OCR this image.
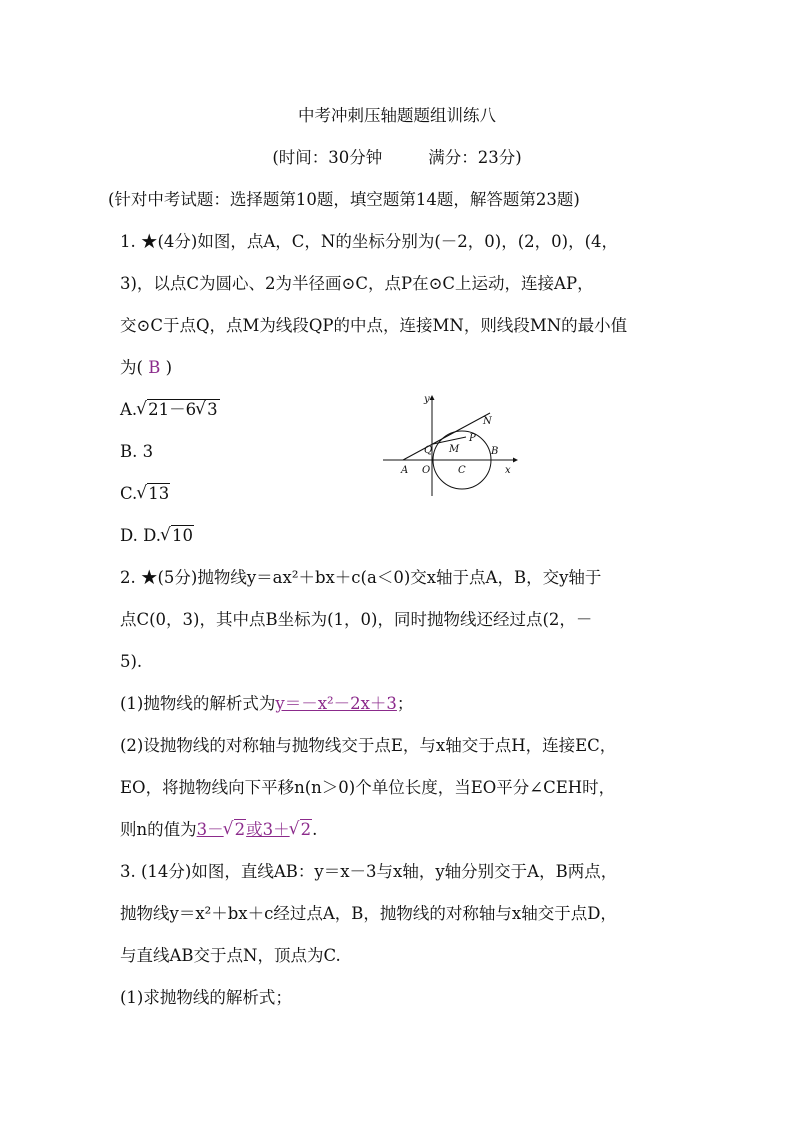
中考冲刺压轴题题组训练八
(时间：30分钟	满分：23分)
(针对中考试题：选择题第10题，填空题第14题，解答题第23题)
1. ★(4分)如图，点A，C，N的坐标分别为(－2，0)，(2，0)，(4，
3)，以点C为圆心、2为半径画⊙C，点P在⊙C上运动，连接AP，
交⊙C于点Q，点M为线段QP的中点，连接MN，则线段MN的最小值
为( B )
A. √ 21－6 √ 3
B. 3
C. √ 13
D. D. √ 10
y
x
N
P
Q M	B
A O	C
2. ★(5分)抛物线y＝ax²＋bx＋c(a＜0)交x轴于点A，B，交y轴于
点C(0，3)，其中点B坐标为(1，0)，同时抛物线还经过点(2，－
5).
(1)抛物线的解析式为y＝－x²－2x＋3；
(2)设抛物线的对称轴与抛物线交于点E，与x轴交于点H，连接EC，
EO，将抛物线向下平移n(n＞0)个单位长度，当EO平分∠CEH时，
则n的值为3－ √ 2或3＋ √ 2.
3. (14分)如图，直线AB：y＝x－3与x轴，y轴分别交于A，B两点，
抛物线y＝x²＋bx＋c经过点A，B，抛物线的对称轴与x轴交于点D，
与直线AB交于点N，顶点为C.
(1)求抛物线的解析式；
